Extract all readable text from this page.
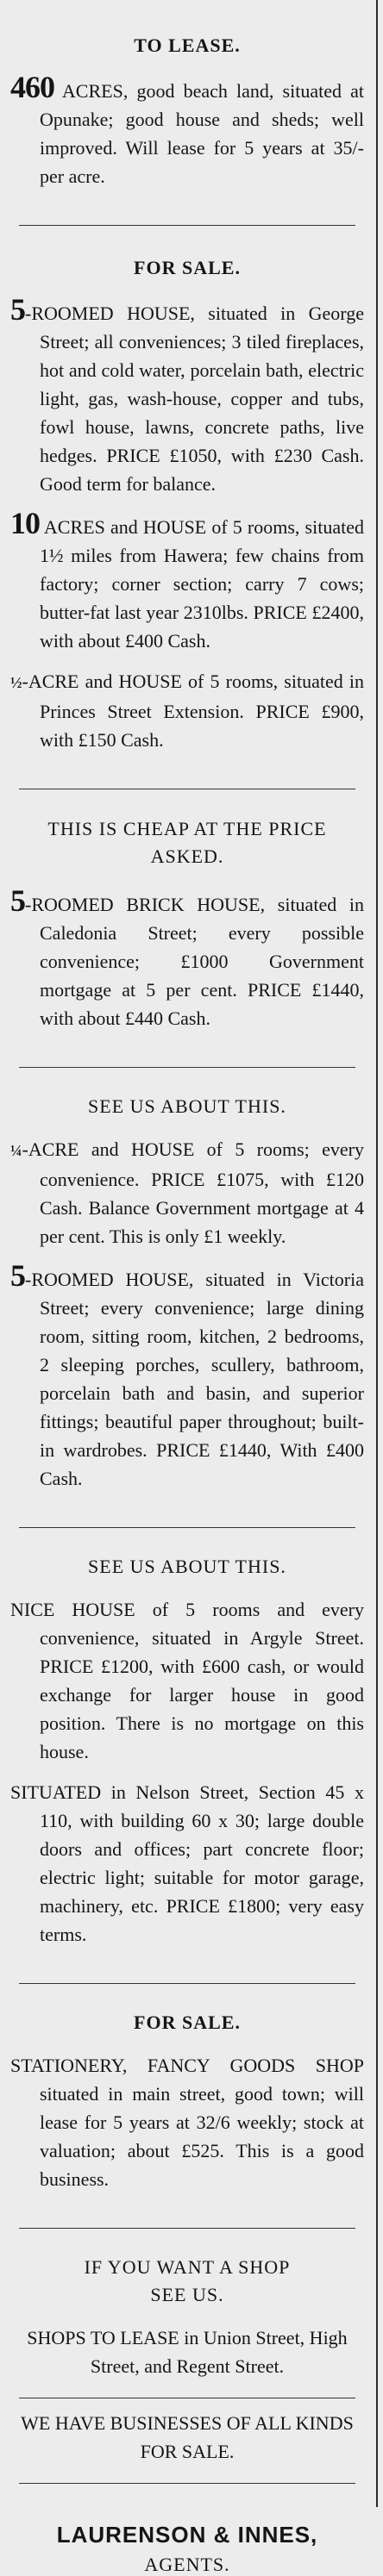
TO LEASE.

460 ACRES, good beach land, situated at Opunake; good house and sheds; well improved. Will lease for 5 years at 35/- per acre.

FOR SALE.

5-ROOMED HOUSE, situated in George Street; all conveniences; 3 tiled fireplaces, hot and cold water, porcelain bath, electric light, gas, wash-house, copper and tubs, fowl house, lawns, concrete paths, live hedges. PRICE £1050, with £230 Cash. Good term for balance.

10 ACRES and HOUSE of 5 rooms, situated 1½ miles from Hawera; few chains from factory; corner section; carry 7 cows; butter-fat last year 2310lbs. PRICE £2400, with about £400 Cash.

½-ACRE and HOUSE of 5 rooms, situated in Princes Street Extension. PRICE £900, with £150 Cash.

THIS IS CHEAP AT THE PRICE ASKED.

5-ROOMED BRICK HOUSE, situated in Caledonia Street; every possible convenience; £1000 Government mortgage at 5 per cent. PRICE £1440, with about £440 Cash.

SEE US ABOUT THIS.

¼-ACRE and HOUSE of 5 rooms; every convenience. PRICE £1075, with £120 Cash. Balance Government mortgage at 4 per cent. This is only £1 weekly.

5-ROOMED HOUSE, situated in Victoria Street; every convenience; large dining room, sitting room, kitchen, 2 bedrooms, 2 sleeping porches, scullery, bathroom, porcelain bath and basin, and superior fittings; beautiful paper throughout; built-in wardrobes. PRICE £1440, With £400 Cash.

SEE US ABOUT THIS.

NICE HOUSE of 5 rooms and every convenience, situated in Argyle Street. PRICE £1200, with £600 cash, or would exchange for larger house in good position. There is no mortgage on this house.

SITUATED in Nelson Street, Section 45 x 110, with building 60 x 30; large double doors and offices; part concrete floor; electric light; suitable for motor garage, machinery, etc. PRICE £1800; very easy terms.

FOR SALE.

STATIONERY, FANCY GOODS SHOP situated in main street, good town; will lease for 5 years at 32/6 weekly; stock at valuation; about £525. This is a good business.

IF YOU WANT A SHOP
SEE US.

SHOPS TO LEASE in Union Street, High Street, and Regent Street.

WE HAVE BUSINESSES OF ALL KINDS FOR SALE.

LAURENSON & INNES,
AGENTS.
